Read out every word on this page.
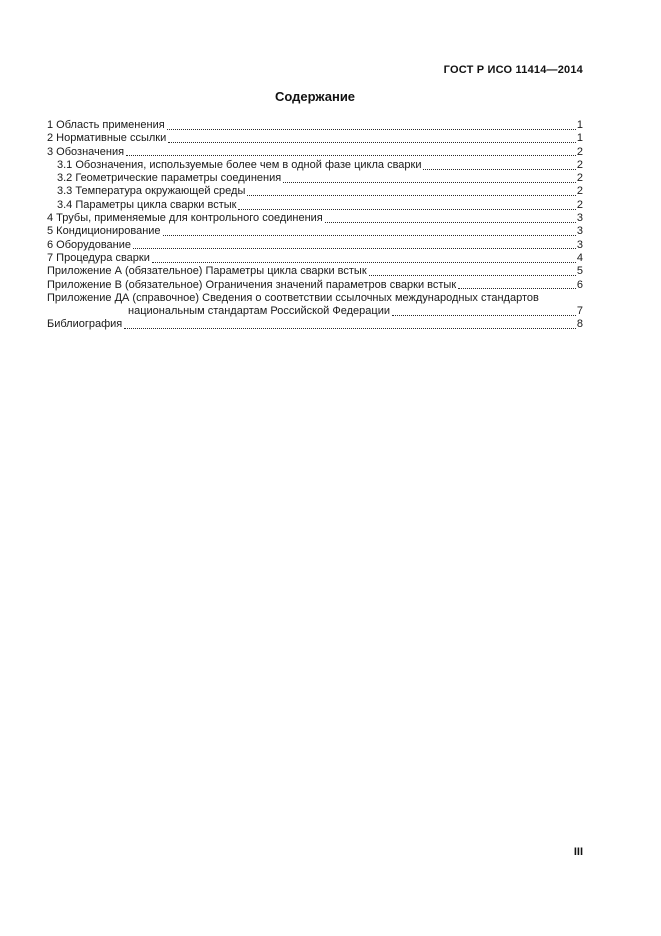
ГОСТ Р ИСО 11414—2014
Содержание
1 Область применения	1
2 Нормативные ссылки	1
3 Обозначения	2
3.1 Обозначения, используемые более чем в одной фазе цикла сварки	2
3.2 Геометрические параметры соединения	2
3.3 Температура окружающей среды	2
3.4 Параметры цикла сварки встык	2
4 Трубы, применяемые для контрольного соединения	3
5 Кондиционирование	3
6 Оборудование	3
7 Процедура сварки	4
Приложение А (обязательное) Параметры цикла сварки встык	5
Приложение В (обязательное) Ограничения значений параметров сварки встык	6
Приложение ДА (справочное) Сведения о соответствии ссылочных международных стандартов
национальным стандартам Российской Федерации	7
Библиография	8
III
